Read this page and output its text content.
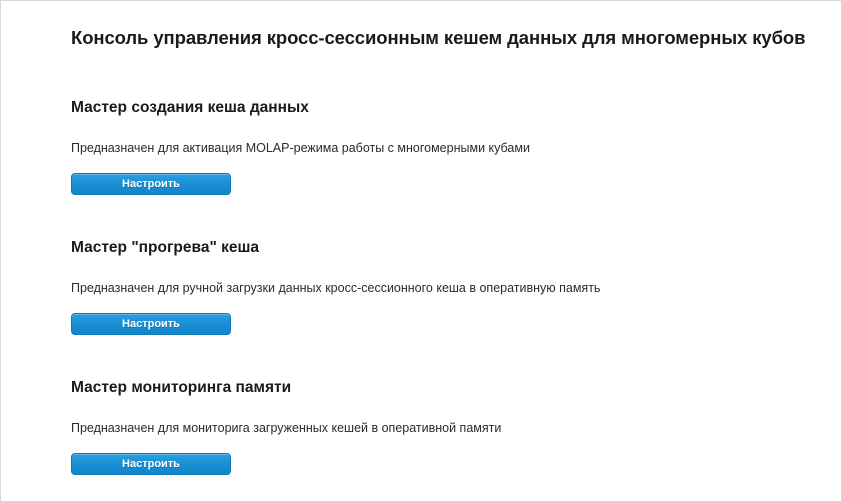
Консоль управления кросс-сессионным кешем данных для многомерных кубов
Мастер создания кеша данных

Предназначен для активация MOLAP-режима работы с многомерными кубами

Настроить
Мастер "прогрева" кеша

Предназначен для ручной загрузки данных кросс-сессионного кеша в оперативную память

Настроить
Мастер мониторинга памяти

Предназначен для мониторига загруженных кешей в оперативной памяти

Настроить
